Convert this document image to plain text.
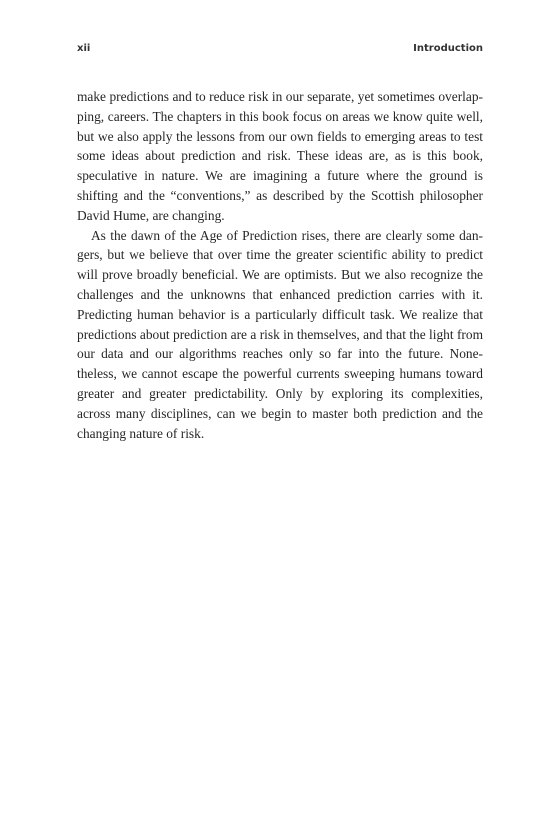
xii	Introduction

make predictions and to reduce risk in our separate, yet sometimes overlapping, careers. The chapters in this book focus on areas we know quite well, but we also apply the lessons from our own fields to emerging areas to test some ideas about prediction and risk. These ideas are, as is this book, speculative in nature. We are imagining a future where the ground is shifting and the “conventions,” as described by the Scottish philosopher David Hume, are changing.

As the dawn of the Age of Prediction rises, there are clearly some dangers, but we believe that over time the greater scientific ability to predict will prove broadly beneficial. We are optimists. But we also recognize the challenges and the unknowns that enhanced prediction carries with it. Predicting human behavior is a particularly difficult task. We realize that predictions about prediction are a risk in themselves, and that the light from our data and our algorithms reaches only so far into the future. Nonetheless, we cannot escape the powerful currents sweeping humans toward greater and greater predictability. Only by exploring its complexities, across many disciplines, can we begin to master both prediction and the changing nature of risk.
